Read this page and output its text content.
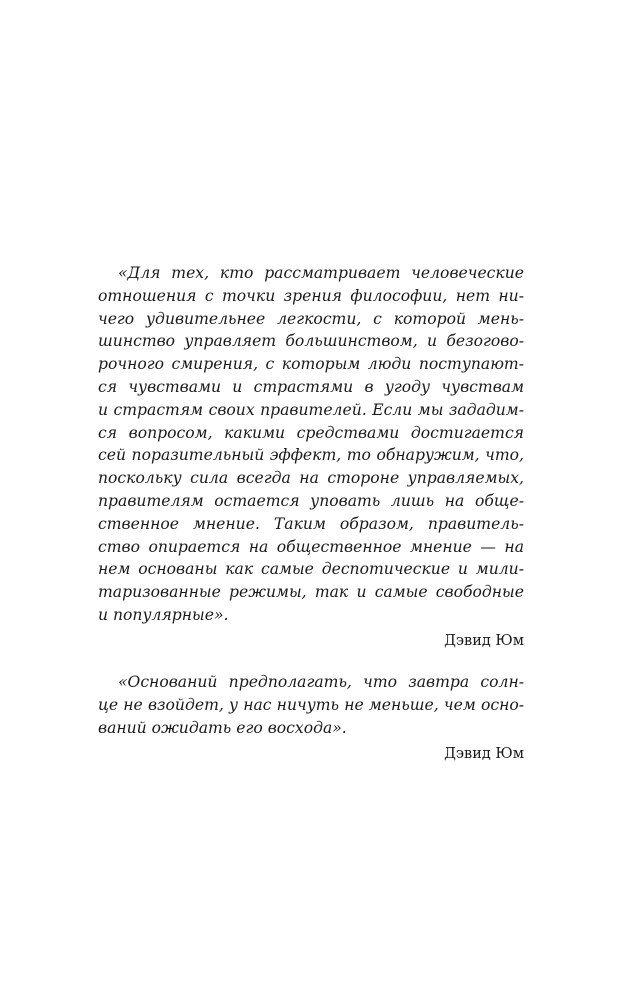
«Для тех, кто рассматривает человеческие
отношения с точки зрения философии, нет ни-
чего удивительнее легкости, с которой мень-
шинство управляет большинством, и безогово-
рочного смирения, с которым люди поступают-
ся чувствами и страстями в угоду чувствам
и страстям своих правителей. Если мы зададим-
ся вопросом, какими средствами достигается
сей поразительный эффект, то обнаружим, что,
поскольку сила всегда на стороне управляемых,
правителям остается уповать лишь на обще-
ственное мнение. Таким образом, правитель-
ство опирается на общественное мнение — на
нем основаны как самые деспотические и мили-
таризованные режимы, так и самые свободные
и популярные».

Дэвид Юм

«Оснований предполагать, что завтра солн-
це не взойдет, у нас ничуть не меньше, чем осно-
ваний ожидать его восхода».

Дэвид Юм
